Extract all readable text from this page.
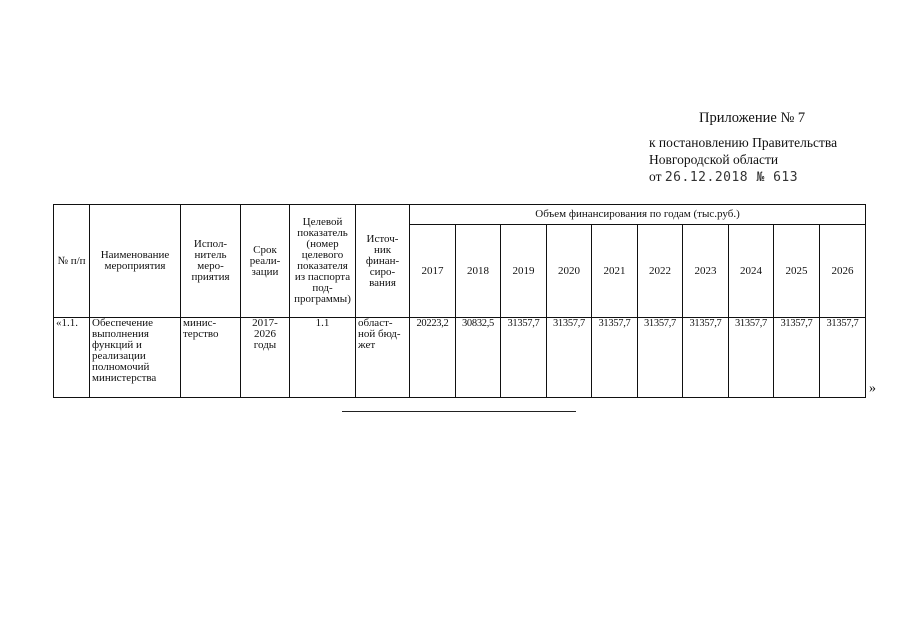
Приложение № 7
к постановлению Правительства
Новгородской области
от 26.12.2018 № 613
№ п/п	Наименование мероприятия	Испол-нитель меро-приятия	Срок реали-зации	Целевой показатель (номер целевого показателя из паспорта под-программы)	Источ-ник финан-сиро-вания	Объем финансирования по годам (тыс.руб.)									
						2017	2018	2019	2020	2021	2022	2023	2024	2025	2026
«1.1.	Обеспечение выполнения функций и реализации полномочий министерства	минис-терство	2017-2026 годы	1.1	област-ной бюд-жет	20223,2	30832,5	31357,7	31357,7	31357,7	31357,7	31357,7	31357,7	31357,7	31357,7
»
